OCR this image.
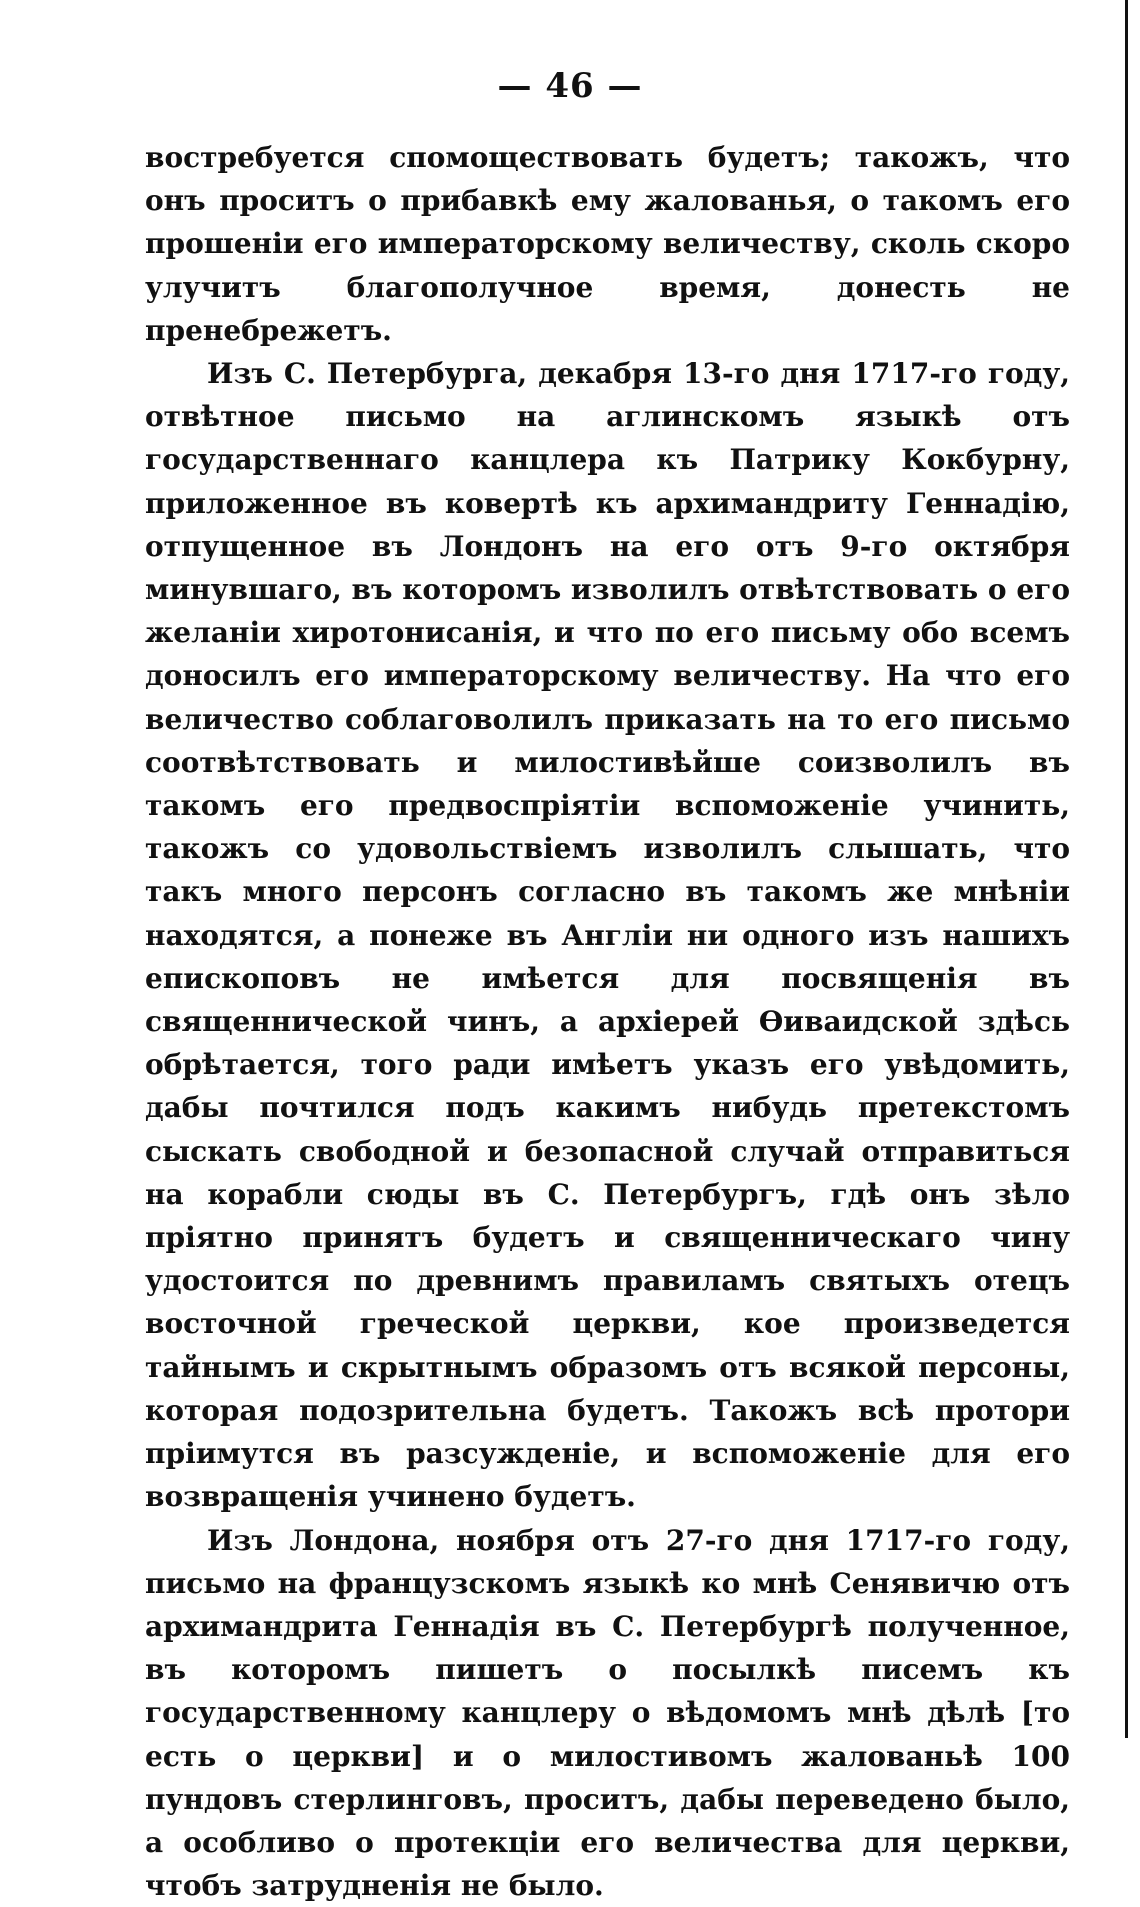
— 46 —

востребуется спомоществовать будетъ; такожъ, что онъ проситъ о прибавкѣ ему жалованья, о такомъ его прошеніи его императорскому величеству, сколь скоро улучитъ благополучное время, донесть не пренебрежетъ.

Изъ С. Петербурга, декабря 13-го дня 1717-го году, отвѣтное письмо на аглинскомъ языкѣ отъ государственнаго канцлера къ Патрику Кокбурну, приложенное въ ковертѣ къ архимандриту Геннадію, отпущенное въ Лондонъ на его отъ 9-го октября минувшаго, въ которомъ изволилъ отвѣтствовать о его желаніи хиротонисанія, и что по его письму обо всемъ доносилъ его императорскому величеству. На что его величество соблаговолилъ приказать на то его письмо соотвѣтствовать и милостивѣйше соизволилъ въ такомъ его предвоспріятіи вспоможеніе учинить, такожъ со удовольствіемъ изволилъ слышать, что такъ много персонъ согласно въ такомъ же мнѣніи находятся, а понеже въ Англіи ни одного изъ нашихъ епископовъ не имѣется для посвященія въ священнической чинъ, а архіерей Ѳиваидской здѣсь обрѣтается, того ради имѣетъ указъ его увѣдомить, дабы почтился подъ какимъ нибудь претекстомъ сыскать свободной и безопасной случай отправиться на корабли сюды въ С. Петербургъ, гдѣ онъ зѣло пріятно принятъ будетъ и священническаго чину удостоится по древнимъ правиламъ святыхъ отецъ восточной греческой церкви, кое произведется тайнымъ и скрытнымъ образомъ отъ всякой персоны, которая подозрительна будетъ. Такожъ всѣ протори пріимутся въ разсужденіе, и вспоможеніе для его возвращенія учинено будетъ.

Изъ Лондона, ноября отъ 27-го дня 1717-го году, письмо на французскомъ языкѣ ко мнѣ Сенявичю отъ архимандрита Геннадія въ С. Петербургѣ полученное, въ которомъ пишетъ о посылкѣ писемъ къ государственному канцлеру о вѣдомомъ мнѣ дѣлѣ [то есть о церкви] и о милостивомъ жалованьѣ 100 пундовъ стерлинговъ, проситъ, дабы переведено было, а особливо о протекціи его величества для церкви, чтобъ затрудненія не было.
